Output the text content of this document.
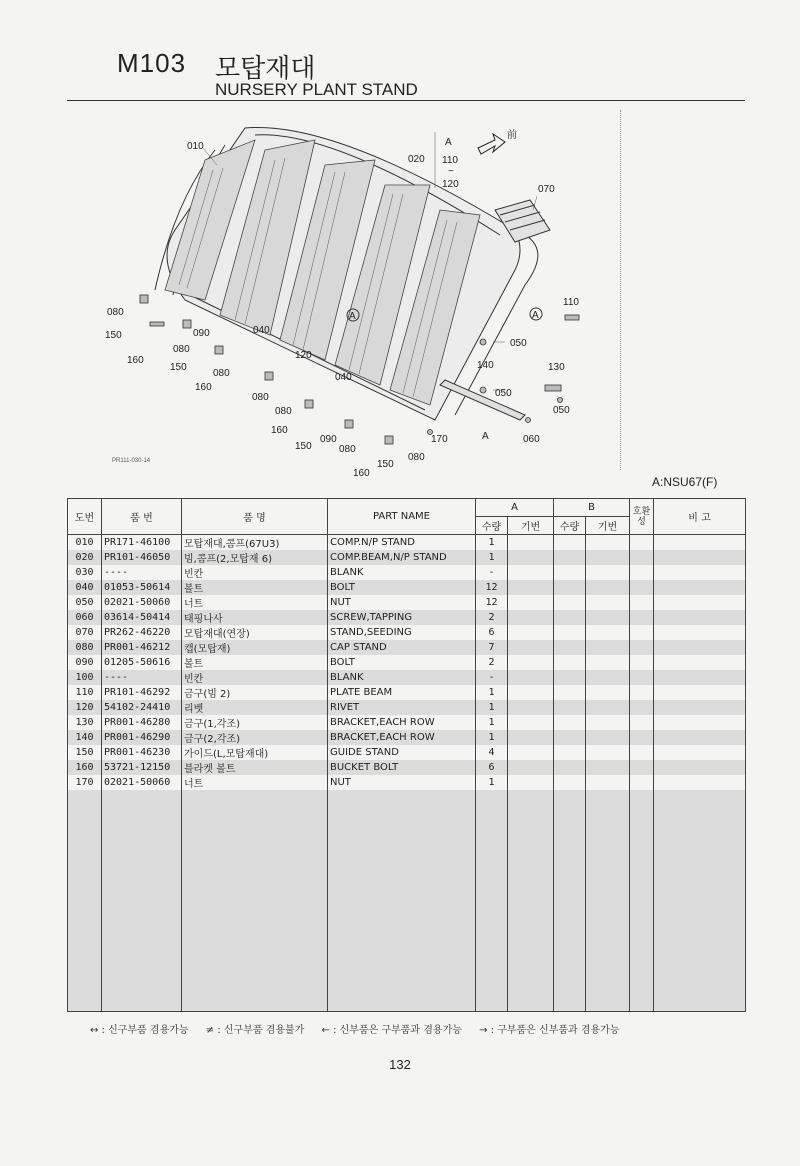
M103 모탑재대
NURSERY PLANT STAND
010
020
A
110
~
120
前
070
110
A
080
150
160
090	040
080
150
080
160
120
A
050
140	130
040
050
050
080
080
160
150
090
080
170	A	060
150
080
160
PR111-030-14
A:NSU67(F)
도번	품 번	품 명	PART NAME	A		B		호환성	비 고
				수량	기번	수량	기번		
010	PR171-46100	모탑재대,콤프(67U3)	COMP.N/P STAND	1					
020	PR101-46050	빔,콤프(2,모탑재 6)	COMP.BEAM,N/P STAND	1					
030	----	빈칸	BLANK	-					
040	01053-50614	볼트	BOLT	12					
050	02021-50060	너트	NUT	12					
060	03614-50414	태핑나사	SCREW,TAPPING	2					
070	PR262-46220	모탑재대(연장)	STAND,SEEDING	6					
080	PR001-46212	캡(모탑재)	CAP STAND	7					
090	01205-50616	볼트	BOLT	2					
100	----	빈칸	BLANK	-					
110	PR101-46292	금구(빔 2)	PLATE BEAM	1					
120	54102-24410	리벳	RIVET	1					
130	PR001-46280	금구(1,각조)	BRACKET,EACH ROW	1					
140	PR001-46290	금구(2,각조)	BRACKET,EACH ROW	1					
150	PR001-46230	가이드(L,모탑재대)	GUIDE STAND	4					
160	53721-12150	블라켓 볼트	BUCKET BOLT	6					
170	02021-50060	너트	NUT	1					

↔ : 신구부품 겸용가능 ≠ : 신구부품 겸용불가 ← : 신부품은 구부품과 겸용가능 → : 구부품은 신부품과 겸용가능
132
